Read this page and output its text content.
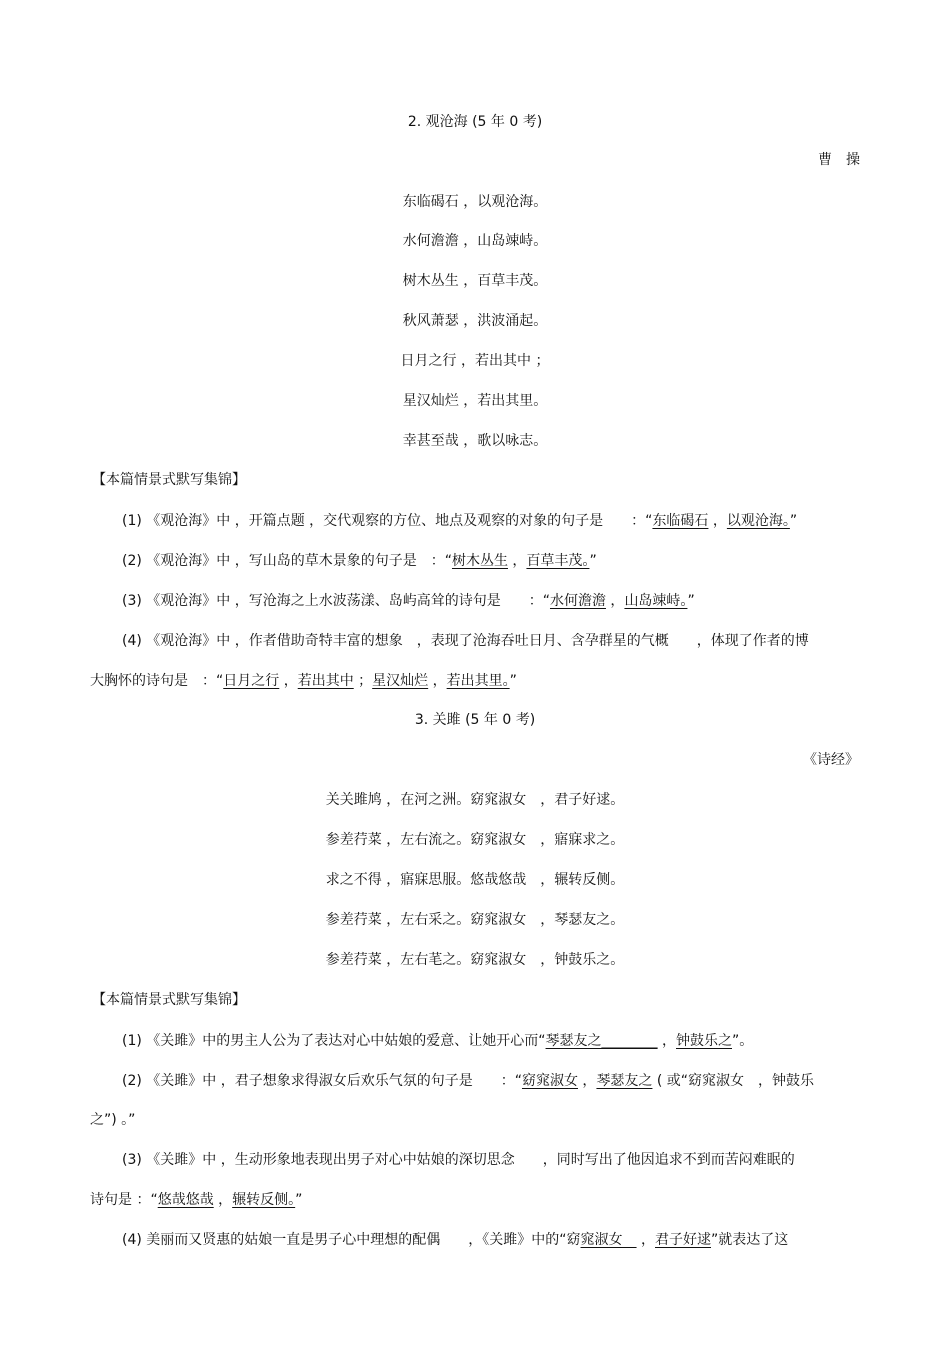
2. 观沧海 (5 年 0 考)
曹　操
东临碣石 ，以观沧海。
水何澹澹 ，山岛竦峙。
树木丛生 ，百草丰茂。
秋风萧瑟 ，洪波涌起。
日月之行 ，若出其中 ；
星汉灿烂 ，若出其里。
幸甚至哉 ，歌以咏志。
【本篇情景式默写集锦】
(1) 《观沧海》中 ，开篇点题 ，交代观察的方位、地点及观察的对象的句子是　　：“东临碣石 ，以观沧海。”
(2) 《观沧海》中 ，写山岛的草木景象的句子是　：“树木丛生 ，百草丰茂。”
(3) 《观沧海》中 ，写沧海之上水波荡漾、岛屿高耸的诗句是　　：“水何澹澹 ，山岛竦峙。”
(4) 《观沧海》中 ，作者借助奇特丰富的想象　，表现了沧海吞吐日月、含孕群星的气概　　，体现了作者的博
大胸怀的诗句是　：“日月之行 ，若出其中 ；星汉灿烂 ，若出其里。”
3. 关雎 (5 年 0 考)
《诗经》
关关雎鸠 ，在河之洲。窈窕淑女　，君子好逑。
参差荇菜 ，左右流之。窈窕淑女　，寤寐求之。
求之不得 ，寤寐思服。悠哉悠哉　，辗转反侧。
参差荇菜 ，左右采之。窈窕淑女　，琴瑟友之。
参差荇菜 ，左右芼之。窈窕淑女　，钟鼓乐之。
【本篇情景式默写集锦】
(1) 《关雎》中的男主人公为了表达对心中姑娘的爱意、让她开心而“琴瑟友之________ ，钟鼓乐之”。
(2) 《关雎》中 ，君子想象求得淑女后欢乐气氛的句子是　　：“窈窕淑女 ，琴瑟友之 ( 或“窈窕淑女　，钟鼓乐
之”) 。”
(3) 《关雎》中 ，生动形象地表现出男子对心中姑娘的深切思念　　，同时写出了他因追求不到而苦闷难眠的
诗句是 ：“悠哉悠哉 ，辗转反侧。”
(4) 美丽而又贤惠的姑娘一直是男子心中理想的配偶　　，《关雎》中的“窈窕淑女　 ，君子好逑”就表达了这
